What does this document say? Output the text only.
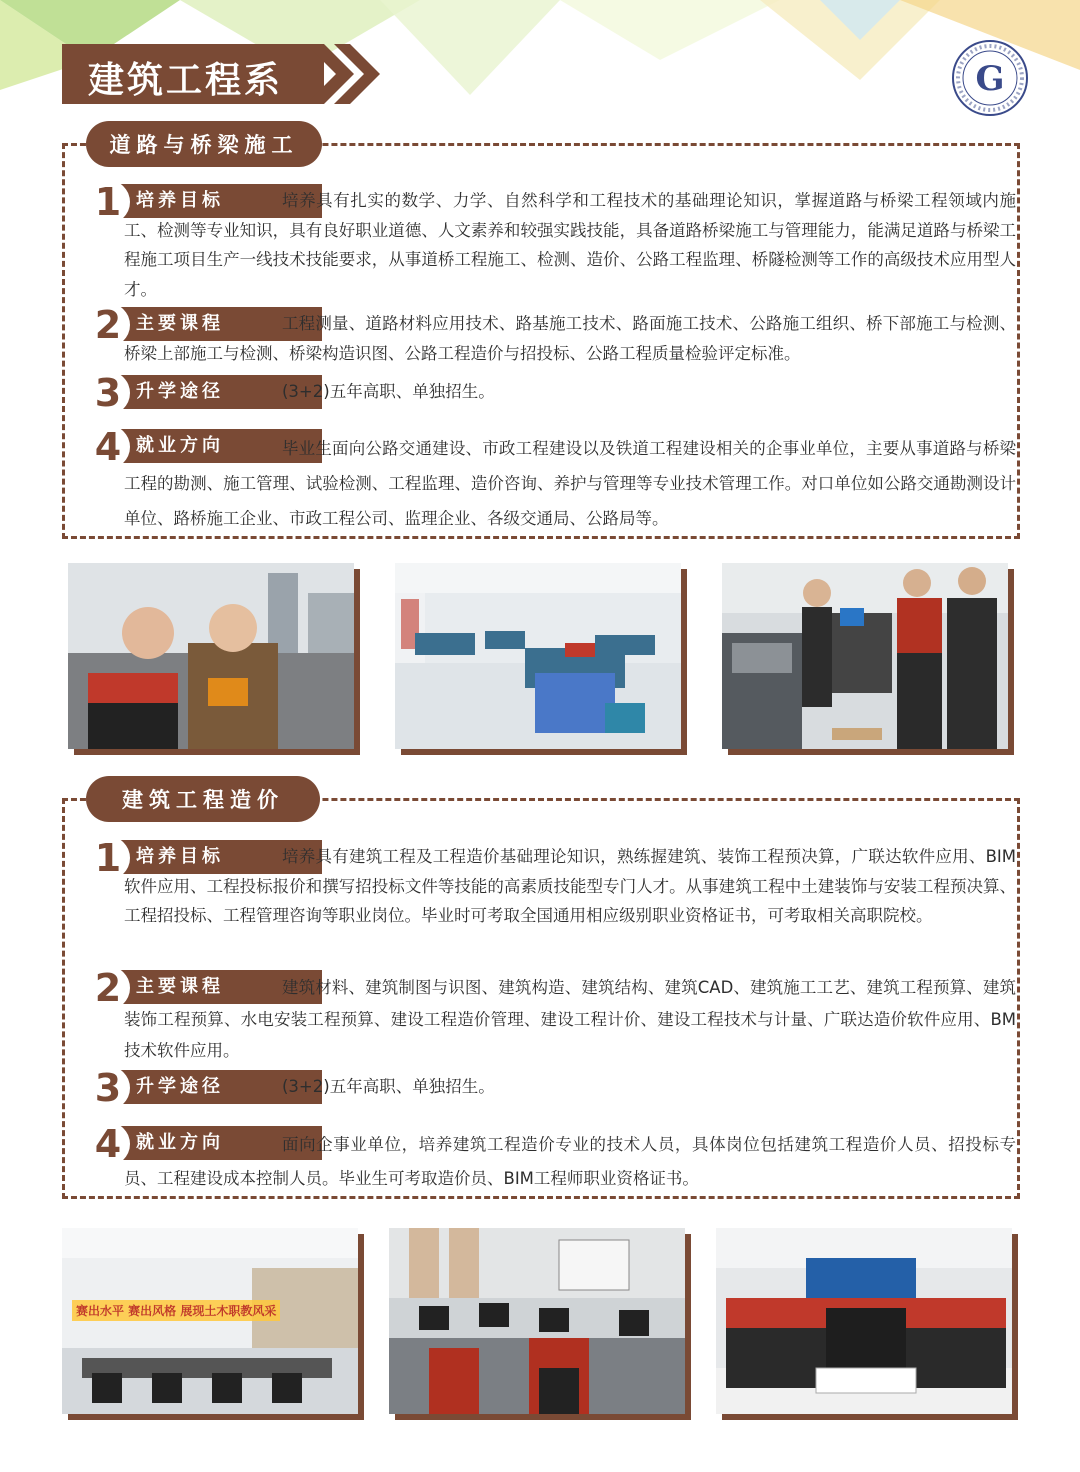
建筑工程系	G
道路与桥梁施工
1 培养目标	培养具有扎实的数学、力学、自然科学和工程技术的基础理论知识，掌握道路与桥梁工程领域内施工、检测等专业知识，具有良好职业道德、人文素养和较强实践技能，具备道路桥梁施工与管理能力，能满足道路与桥梁工程施工项目生产一线技术技能要求，从事道桥工程施工、检测、造价、公路工程监理、桥隧检测等工作的高级技术应用型人才。
2 主要课程	工程测量、道路材料应用技术、路基施工技术、路面施工技术、公路施工组织、桥下部施工与检测、桥梁上部施工与检测、桥梁构造识图、公路工程造价与招投标、公路工程质量检验评定标准。
3 升学途径	(3+2)五年高职、单独招生。
4 就业方向	毕业生面向公路交通建设、市政工程建设以及铁道工程建设相关的企事业单位，主要从事道路与桥梁工程的勘测、施工管理、试验检测、工程监理、造价咨询、养护与管理等专业技术管理工作。对口单位如公路交通勘测设计单位、路桥施工企业、市政工程公司、监理企业、各级交通局、公路局等。
建筑工程造价
1 培养目标	培养具有建筑工程及工程造价基础理论知识，熟练握建筑、装饰工程预决算，广联达软件应用、BIM软件应用、工程投标报价和撰写招投标文件等技能的高素质技能型专门人才。从事建筑工程中土建装饰与安装工程预决算、工程招投标、工程管理咨询等职业岗位。毕业时可考取全国通用相应级别职业资格证书，可考取相关高职院校。
2 主要课程	建筑材料、建筑制图与识图、建筑构造、建筑结构、建筑CAD、建筑施工工艺、建筑工程预算、建筑装饰工程预算、水电安装工程预算、建设工程造价管理、建设工程计价、建设工程技术与计量、广联达造价软件应用、BM技术软件应用。
3 升学途径	(3+2)五年高职、单独招生。
4 就业方向	面向企事业单位，培养建筑工程造价专业的技术人员，具体岗位包括建筑工程造价人员、招投标专员、工程建设成本控制人员。毕业生可考取造价员、BIM工程师职业资格证书。
赛出水平 赛出风格 展现土木职教风采
